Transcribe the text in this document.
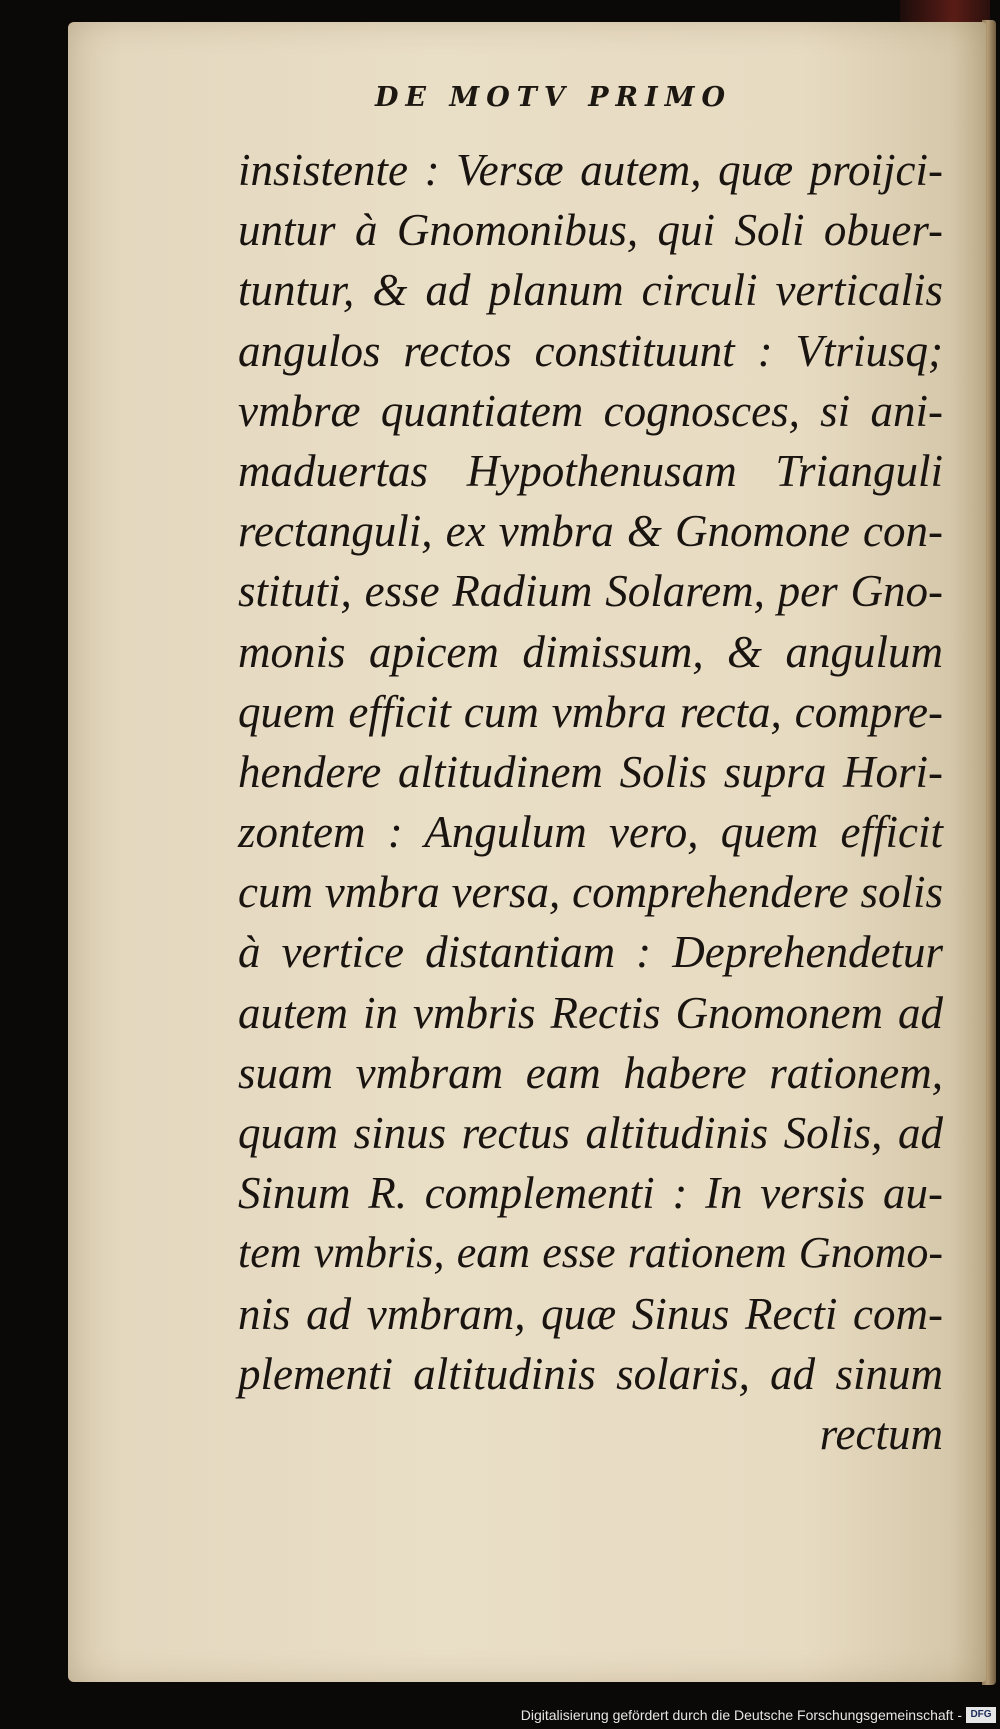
DE MOTV PRIMO
insistente : Versæ autem, quæ proijci-
untur à Gnomonibus, qui Soli obuer-
tuntur, & ad planum circuli verticalis
angulos rectos constituunt : Vtriusq;
vmbræ quantiatem cognosces, si ani-
maduertas Hypothenusam Trianguli
rectanguli, ex vmbra & Gnomone con-
stituti, esse Radium Solarem, per Gno-
monis apicem dimissum, & angulum
quem efficit cum vmbra recta, compre-
hendere altitudinem Solis supra Hori-
zontem : Angulum vero, quem efficit
cum vmbra versa, comprehendere solis
à vertice distantiam : Deprehendetur
autem in vmbris Rectis Gnomonem ad
suam vmbram eam habere rationem,
quam sinus rectus altitudinis Solis, ad
Sinum R. complementi : In versis au-
tem vmbris, eam esse rationem Gnomo-
nis ad vmbram, quæ Sinus Recti com-
plementi altitudinis solaris, ad sinum
rectum
Digitalisierung gefördert durch die Deutsche Forschungsgemeinschaft - DFG
